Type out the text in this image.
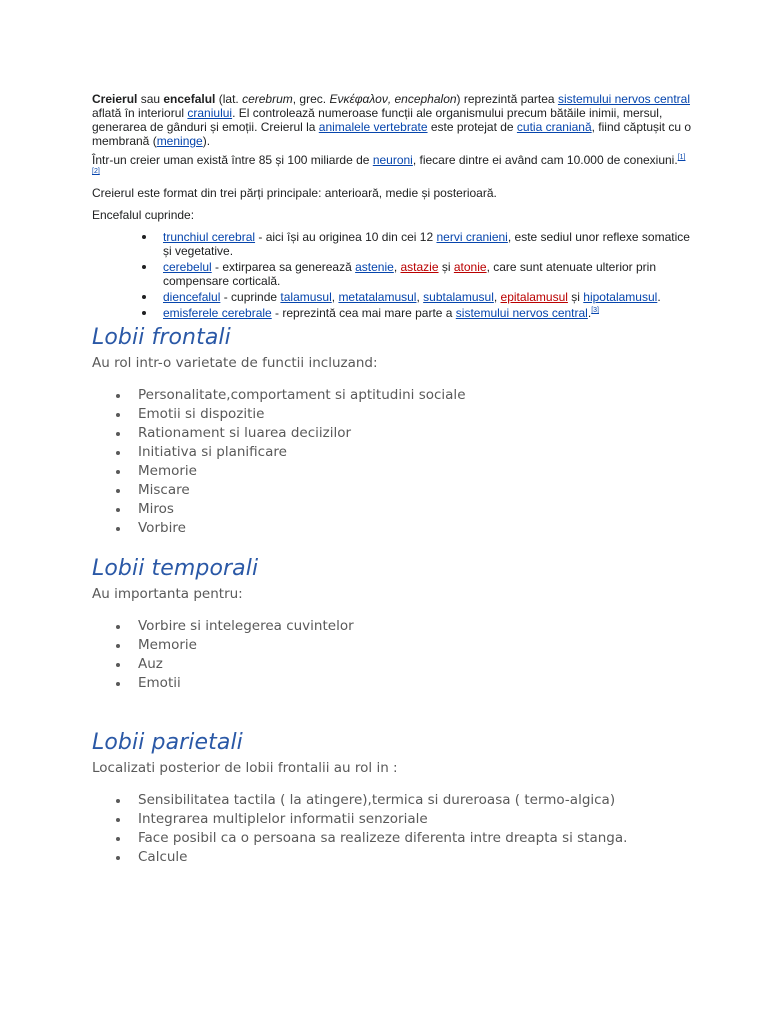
Creierul sau encefalul (lat. cerebrum, grec. Ενκέφαλον, encephalon) reprezintă partea sistemului nervos central aflată în interiorul craniului. El controlează numeroase funcții ale organismului precum bătăile inimii, mersul, generarea de gânduri și emoții. Creierul la animalele vertebrate este protejat de cutia craniană, fiind căptușit cu o membrană (meninge).

Într-un creier uman există între 85 și 100 miliarde de neuroni, fiecare dintre ei având cam 10.000 de conexiuni.[1][2]

Creierul este format din trei părți principale: anterioară, medie și posterioară.

Encefalul cuprinde:

trunchiul cerebral - aici își au originea 10 din cei 12 nervi cranieni, este sediul unor reflexe somatice și vegetative.
cerebelul - extirparea sa generează astenie, astazie și atonie, care sunt atenuate ulterior prin compensare corticală.
diencefalul - cuprinde talamusul, metatalamusul, subtalamusul, epitalamusul și hipotalamusul.
emisferele cerebrale - reprezintă cea mai mare parte a sistemului nervos central.[3]
Lobii frontali
Au rol intr-o varietate de functii incluzand:
Personalitate,comportament si aptitudini sociale
Emotii si dispozitie
Rationament si luarea deciizilor
Initiativa si planificare
Memorie
Miscare
Miros
Vorbire
Lobii temporali
Au importanta pentru:
Vorbire si intelegerea cuvintelor
Memorie
Auz
Emotii
Lobii parietali
Localizati posterior de lobii frontalii au rol in :
Sensibilitatea tactila ( la atingere),termica si dureroasa ( termo-algica)
Integrarea multiplelor informatii senzoriale
Face posibil ca o persoana sa realizeze diferenta intre dreapta si stanga.
Calcule
